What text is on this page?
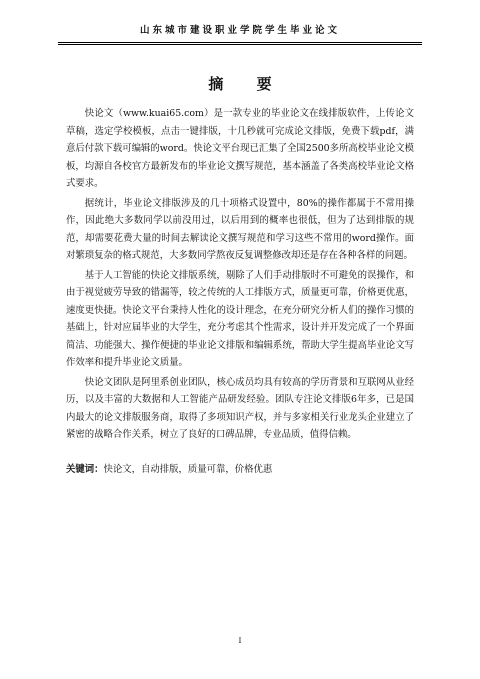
山东城市建设职业学院学生毕业论文
摘 要

快论文（www.kuai65.com）是一款专业的毕业论文在线排版软件，上传论文草稿，选定学校模板，点击一键排版，十几秒就可完成论文排版，免费下载pdf，满意后付款下载可编辑的word。快论文平台现已汇集了全国2500多所高校毕业论文模板，均源自各校官方最新发布的毕业论文撰写规范，基本涵盖了各类高校毕业论文格式要求。

据统计，毕业论文排版涉及的几十项格式设置中，80%的操作都属于不常用操作，因此绝大多数同学以前没用过，以后用到的概率也很低，但为了达到排版的规范，却需要花费大量的时间去解读论文撰写规范和学习这些不常用的word操作。面对繁琐复杂的格式规范，大多数同学熬夜反复调整修改却还是存在各种各样的问题。

基于人工智能的快论文排版系统，剔除了人们手动排版时不可避免的误操作，和由于视觉疲劳导致的错漏等，较之传统的人工排版方式，质量更可靠，价格更优惠，速度更快捷。快论文平台秉持人性化的设计理念，在充分研究分析人们的操作习惯的基础上，针对应届毕业的大学生，充分考虑其个性需求，设计并开发完成了一个界面简洁、功能强大、操作便捷的毕业论文排版和编辑系统，帮助大学生提高毕业论文写作效率和提升毕业论文质量。

快论文团队是阿里系创业团队，核心成员均具有较高的学历背景和互联网从业经历，以及丰富的大数据和人工智能产品研发经验。团队专注论文排版6年多，已是国内最大的论文排版服务商，取得了多项知识产权，并与多家相关行业龙头企业建立了紧密的战略合作关系，树立了良好的口碑品牌，专业品质，值得信赖。

关键词：快论文，自动排版，质量可靠，价格优惠
I
